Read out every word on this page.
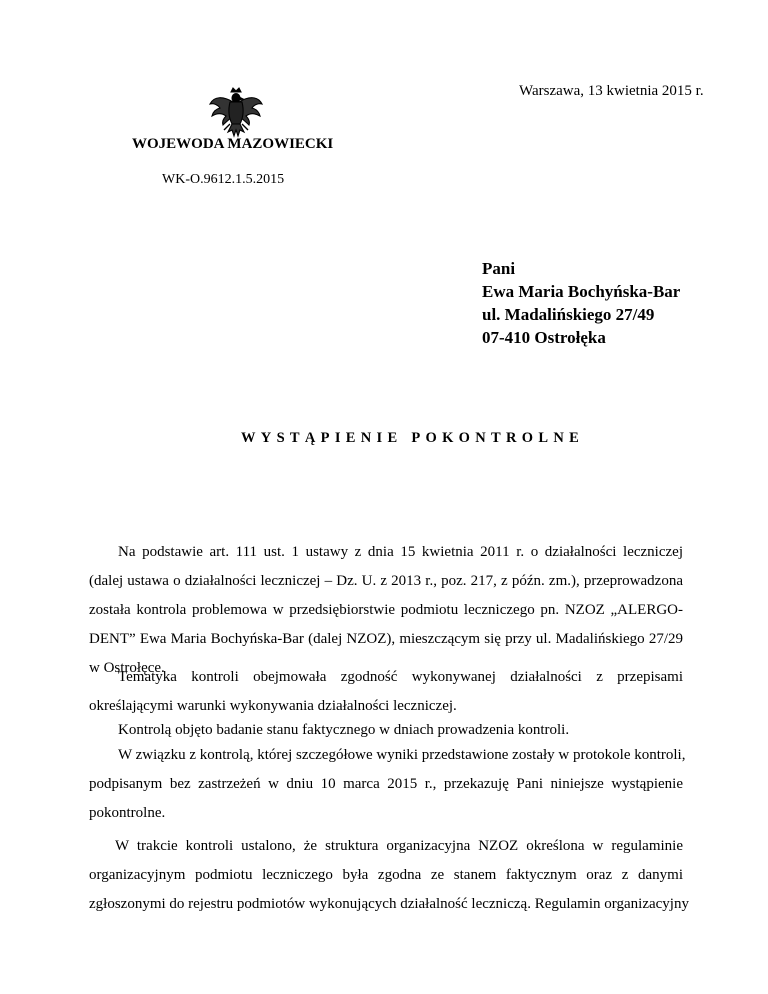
Warszawa, 13 kwietnia 2015 r.
WOJEWODA MAZOWIECKI
WK-O.9612.1.5.2015
Pani
Ewa Maria Bochyńska-Bar
ul. Madalińskiego 27/49
07-410 Ostrołęka
WYSTĄPIENIE POKONTROLNE
Na podstawie art. 111 ust. 1 ustawy z dnia 15 kwietnia 2011 r. o działalności leczniczej
(dalej ustawa o działalności leczniczej – Dz. U. z 2013 r., poz. 217, z późn. zm.), przeprowadzona
została kontrola problemowa w przedsiębiorstwie podmiotu leczniczego pn. NZOZ „ALERGO-
DENT” Ewa Maria Bochyńska-Bar (dalej NZOZ), mieszczącym się przy ul. Madalińskiego 27/29
w Ostrołęce.
Tematyka kontroli obejmowała zgodność wykonywanej działalności z przepisami
określającymi warunki wykonywania działalności leczniczej.
Kontrolą objęto badanie stanu faktycznego w dniach prowadzenia kontroli.
W związku z kontrolą, której szczegółowe wyniki przedstawione zostały w protokole kontroli,
podpisanym bez zastrzeżeń w dniu 10 marca 2015 r., przekazuję Pani niniejsze wystąpienie
pokontrolne.
W trakcie kontroli ustalono, że struktura organizacyjna NZOZ określona w regulaminie
organizacyjnym podmiotu leczniczego była zgodna ze stanem faktycznym oraz z danymi
zgłoszonymi do rejestru podmiotów wykonujących działalność leczniczą. Regulamin organizacyjny
